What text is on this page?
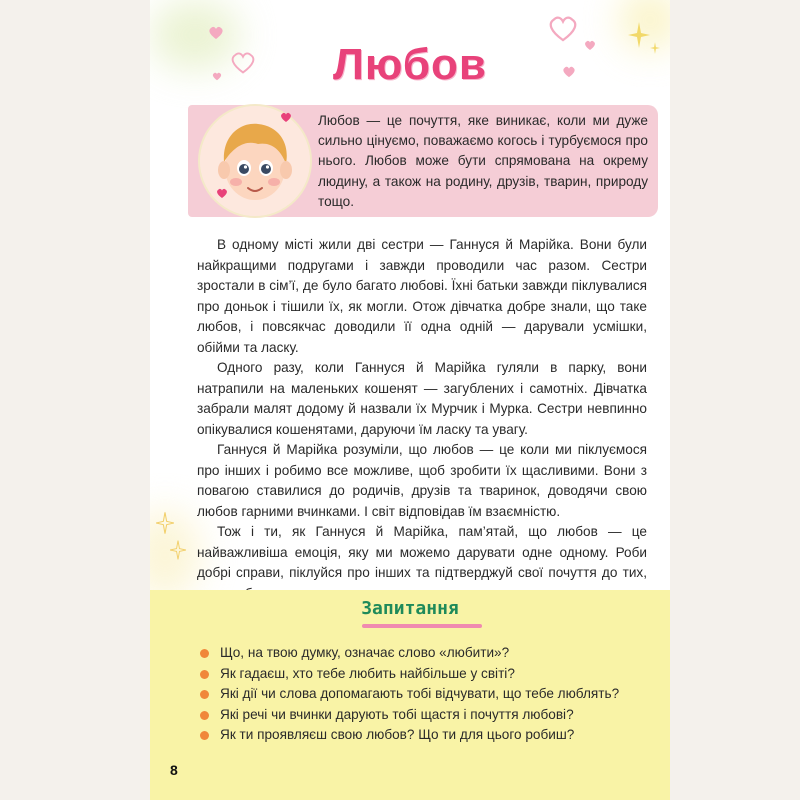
Любов
Любов — це почуття, яке виникає, коли ми дуже сильно цінуємо, поважаємо когось і турбуємося про нього. Любов може бути спрямована на окрему людину, а також на родину, друзів, тварин, природу тощо.

В одному місті жили дві сестри — Ганнуся й Марійка. Вони були найкращими подругами і завжди проводили час разом. Сестри зростали в сім’ї, де було багато любові. Їхні батьки завжди піклувалися про доньок і тішили їх, як могли. Отож дівчатка добре знали, що таке любов, і повсякчас доводили її одна одній — дарували усмішки, обійми та ласку.

Одного разу, коли Ганнуся й Марійка гуляли в парку, вони натрапили на маленьких кошенят — загублених і самотніх. Дівчатка забрали малят додому й назвали їх Мурчик і Мурка. Сестри невпинно опікувалися кошенятами, даруючи їм ласку та увагу.

Ганнуся й Марійка розуміли, що любов — це коли ми піклуємося про інших і робимо все можливе, щоб зробити їх щасливими. Вони з повагою ставилися до родичів, друзів та тваринок, доводячи свою любов гарними вчинками. І світ відповідав їм взаємністю.

Тож і ти, як Ганнуся й Марійка, пам’ятай, що любов — це найважливіша емоція, яку ми можемо дарувати одне одному. Роби добрі справи, піклуйся про інших та підтверджуй свої почуття до тих,

Запитання
Що, на твою думку, означає слово «любити»?
Як гадаєш, хто тебе любить найбільше у світі?
Які дії чи слова допомагають тобі відчувати, що тебе люблять?
Які речі чи вчинки дарують тобі щастя і почуття любові?
Як ти проявляєш свою любов? Що ти для цього робиш?
8
